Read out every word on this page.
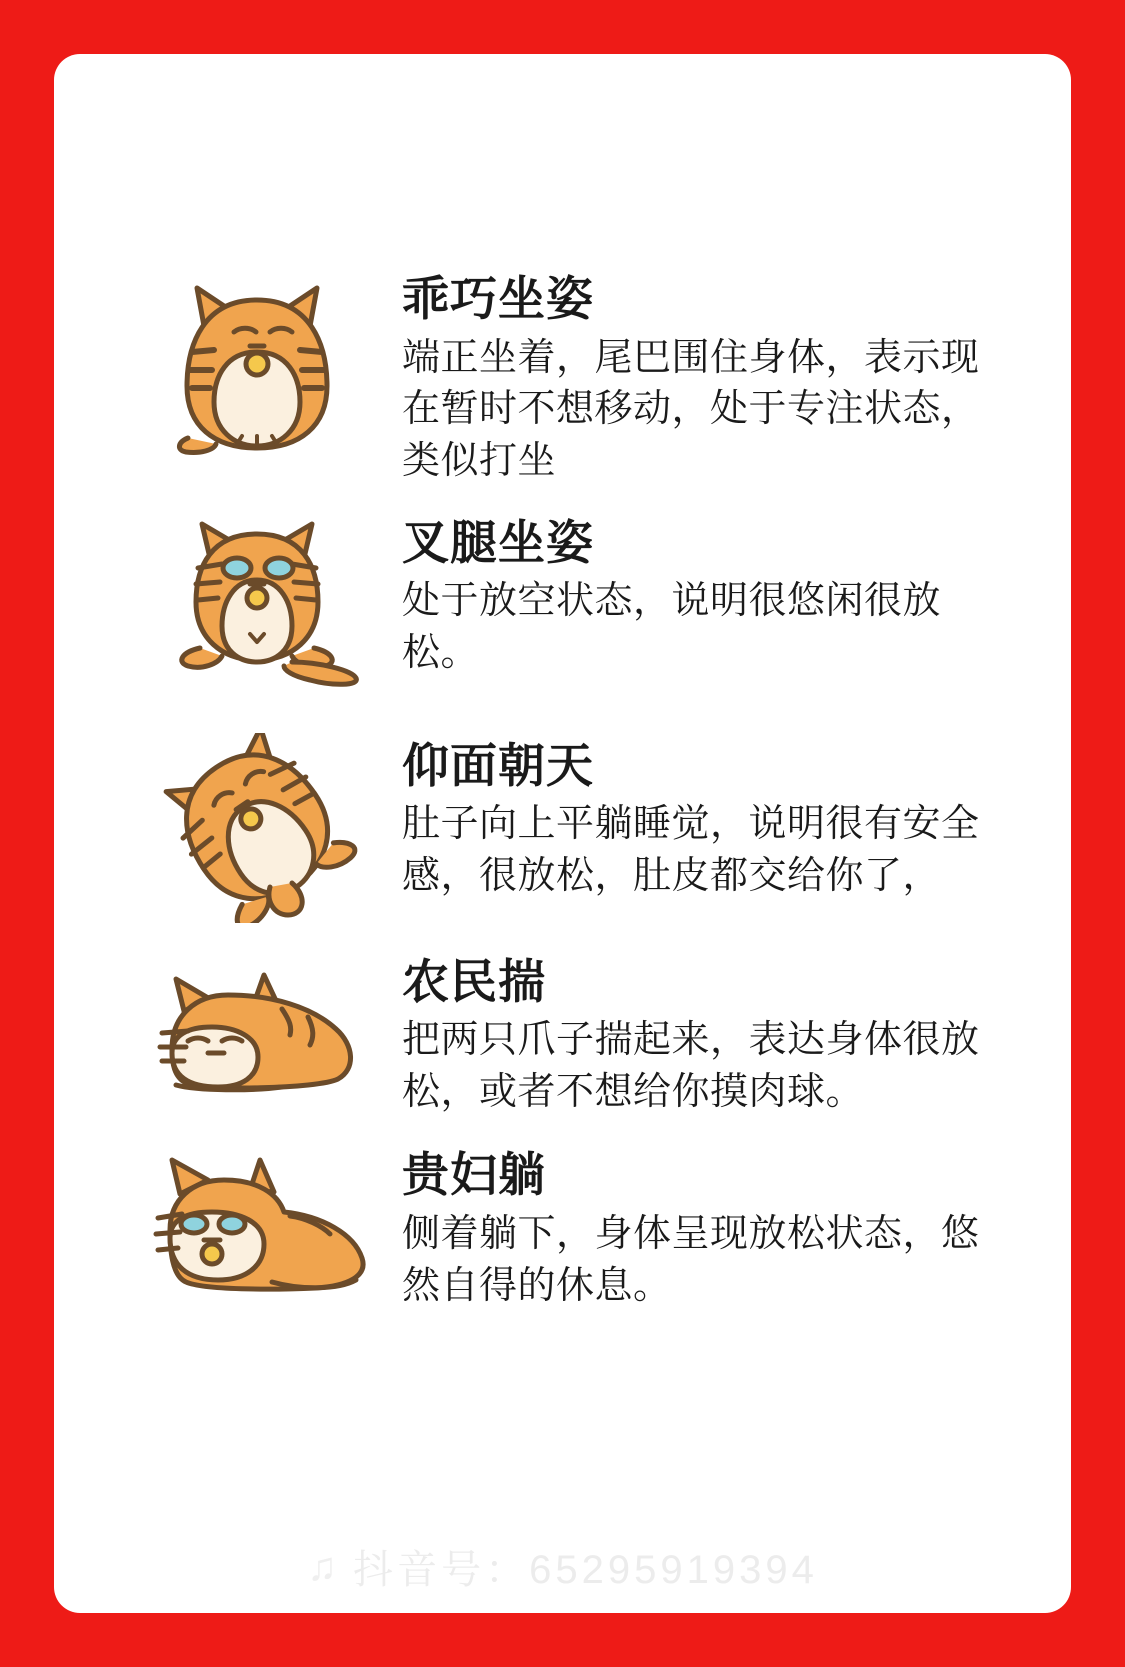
乖巧坐姿

端正坐着，尾巴围住身体，表示现在暂时不想移动，处于专注状态，类似打坐

叉腿坐姿

处于放空状态，说明很悠闲很放松。

仰面朝天

肚子向上平躺睡觉，说明很有安全感，很放松，肚皮都交给你了，

农民揣

把两只爪子揣起来，表达身体很放松，或者不想给你摸肉球。

贵妇躺

侧着躺下，身体呈现放松状态，悠然自得的休息。

♫ 抖音号：65295919394
